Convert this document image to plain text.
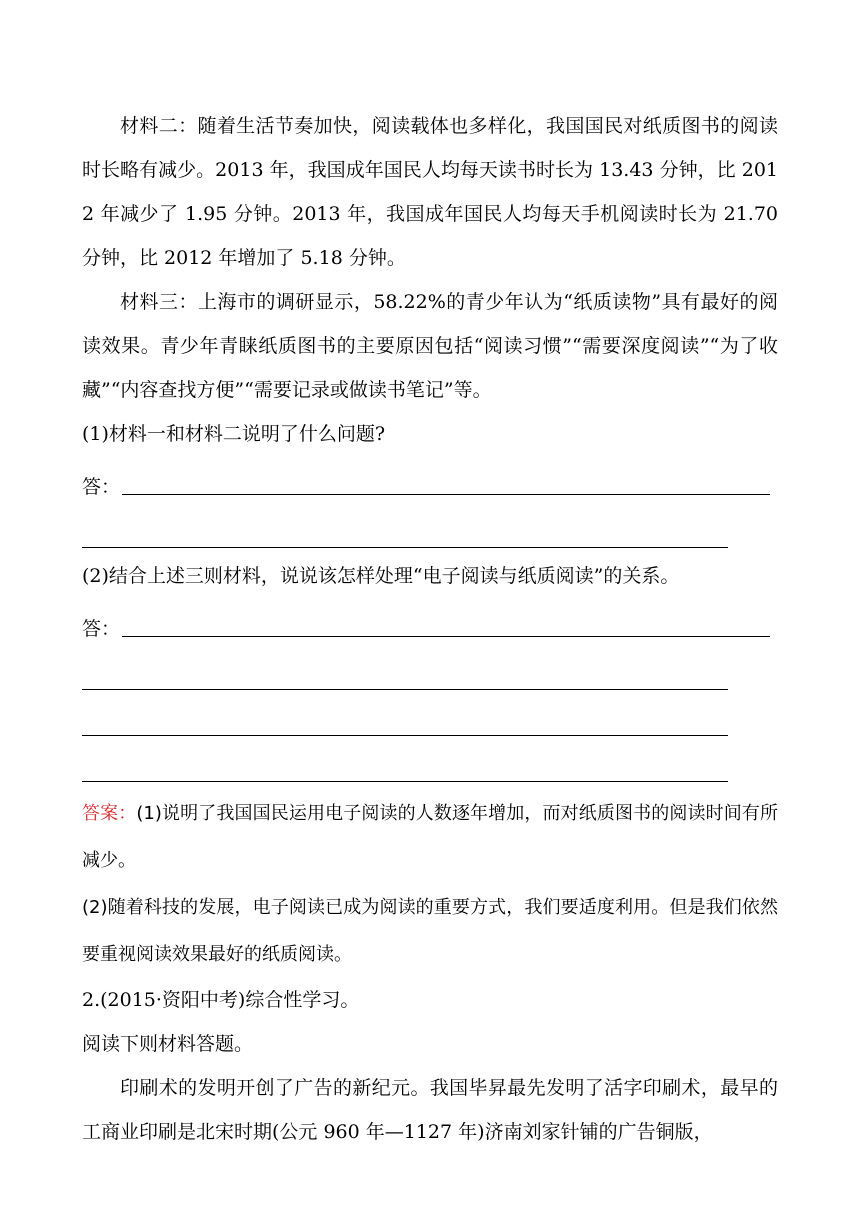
材料二：随着生活节奏加快，阅读载体也多样化，我国国民对纸质图书的阅读时长略有减少。2013 年，我国成年国民人均每天读书时长为 13.43 分钟，比 2012 年减少了 1.95 分钟。2013 年，我国成年国民人均每天手机阅读时长为 21.70 分钟，比 2012 年增加了 5.18 分钟。

材料三：上海市的调研显示，58.22%的青少年认为“纸质读物”具有最好的阅读效果。青少年青睐纸质图书的主要原因包括“阅读习惯”“需要深度阅读”“为了收藏”“内容查找方便”“需要记录或做读书笔记”等。

(1)材料一和材料二说明了什么问题?

答：

(2)结合上述三则材料，说说该怎样处理“电子阅读与纸质阅读”的关系。

答：

答案：(1)说明了我国国民运用电子阅读的人数逐年增加，而对纸质图书的阅读时间有所减少。

(2)随着科技的发展，电子阅读已成为阅读的重要方式，我们要适度利用。但是我们依然要重视阅读效果最好的纸质阅读。

2.(2015·资阳中考)综合性学习。

阅读下则材料答题。

印刷术的发明开创了广告的新纪元。我国毕昇最先发明了活字印刷术，最早的工商业印刷是北宋时期(公元 960 年—1127 年)济南刘家针铺的广告铜版，
